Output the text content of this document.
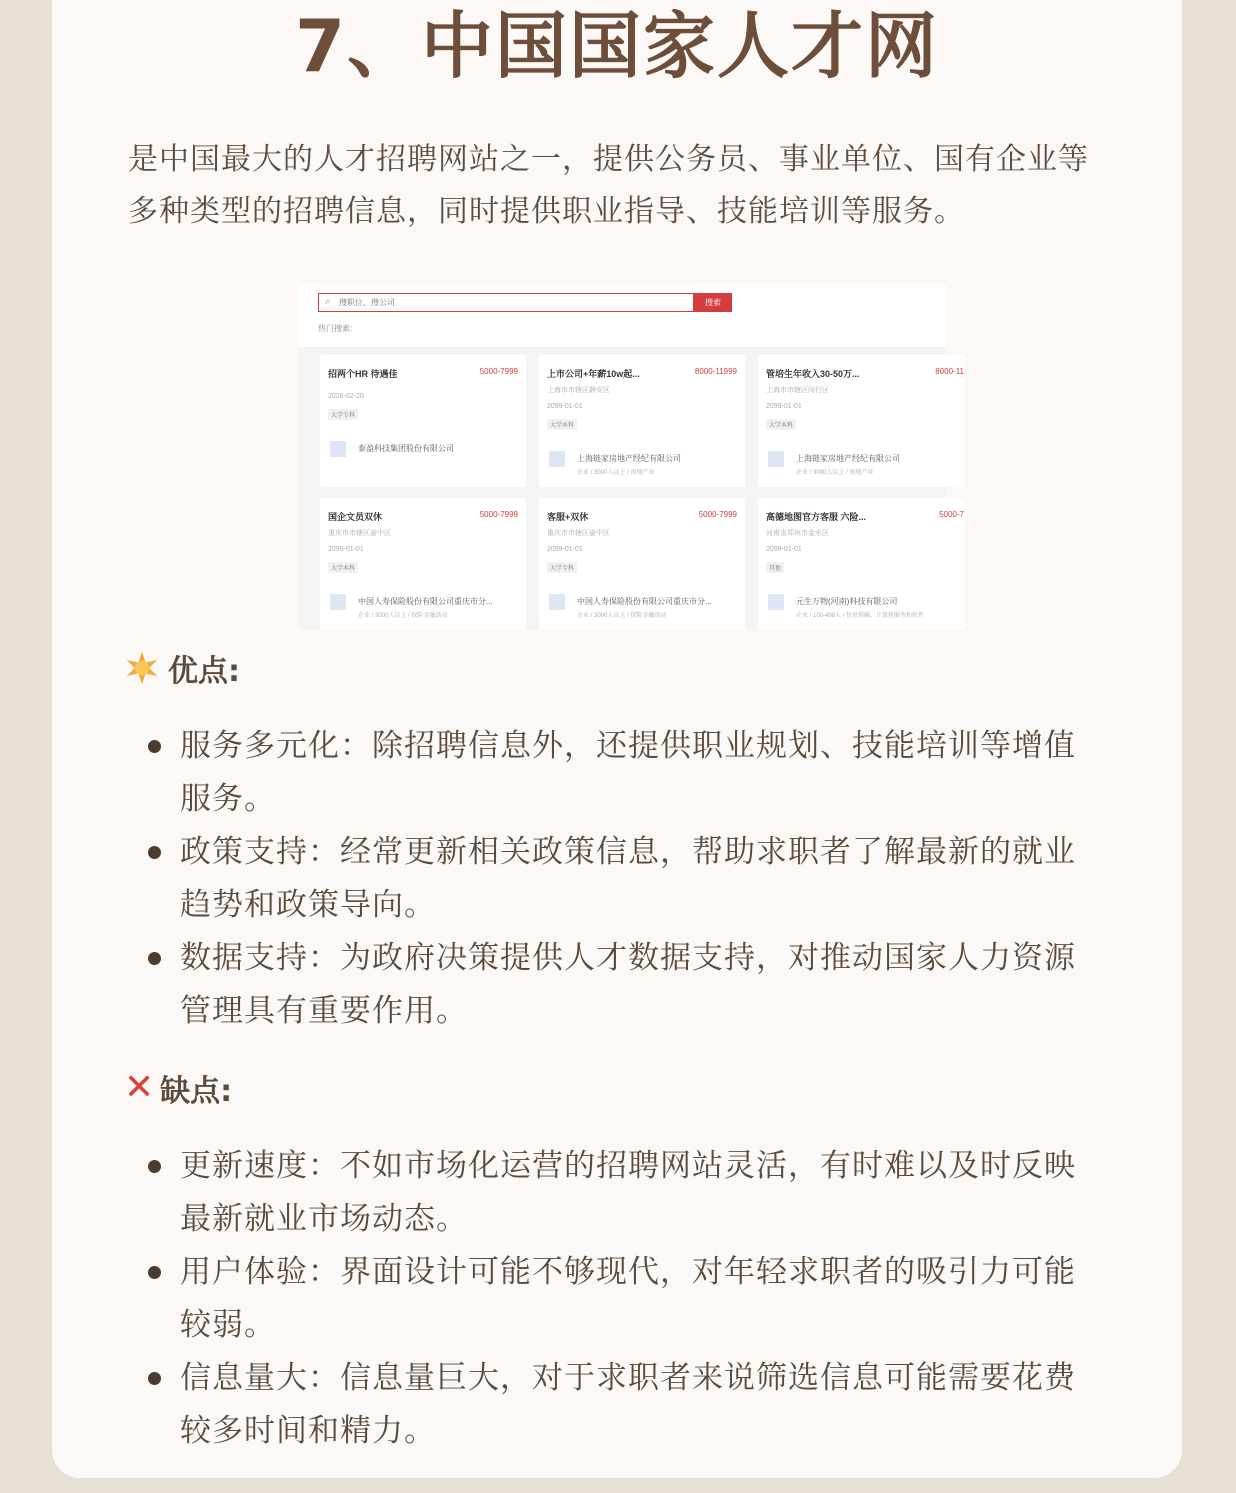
7、中国国家人才网
是中国最大的人才招聘网站之一，提供公务员、事业单位、国有企业等多种类型的招聘信息，同时提供职业指导、技能培训等服务。
⌕
搜职位、搜公司	搜索
热门搜索:
招两个HR 待遇佳	5000-7999
2026-02-20
大学专科
泰盈科技集团股份有限公司
上市公司+年薪10w起...	8000-11999
上海市市辖区静安区
2099-01-01
大学本科
上海链家房地产经纪有限公司
企业 / 3000人以上 / 房地产业
管培生年收入30-50万...	8000-11
上海市市辖区闵行区
2099-01-01
大学本科
上海链家房地产经纪有限公司
企业 / 3000人以上 / 房地产业
国企文员双休	5000-7999
重庆市市辖区渝中区
2099-01-01
大学本科
中国人寿保险股份有限公司重庆市分...
企业 / 3000人以上 / 保险金融活动
客服+双休	5000-7999
重庆市市辖区渝中区
2099-01-01
大学专科
中国人寿保险股份有限公司重庆市分...
企业 / 3000人以上 / 保险金融活动
高德地图官方客服 六险...	5000-7
河南省郑州市金水区
2099-01-01
其他
元生万物(河南)科技有限公司
企业 / 100-499人 / 信息传输、计算机服务和软件
优点:
服务多元化：除招聘信息外，还提供职业规划、技能培训等增值服务。
政策支持：经常更新相关政策信息，帮助求职者了解最新的就业趋势和政策导向。
数据支持：为政府决策提供人才数据支持，对推动国家人力资源管理具有重要作用。
✕ 缺点:
更新速度：不如市场化运营的招聘网站灵活，有时难以及时反映最新就业市场动态。
用户体验：界面设计可能不够现代，对年轻求职者的吸引力可能较弱。
信息量大：信息量巨大，对于求职者来说筛选信息可能需要花费较多时间和精力。
